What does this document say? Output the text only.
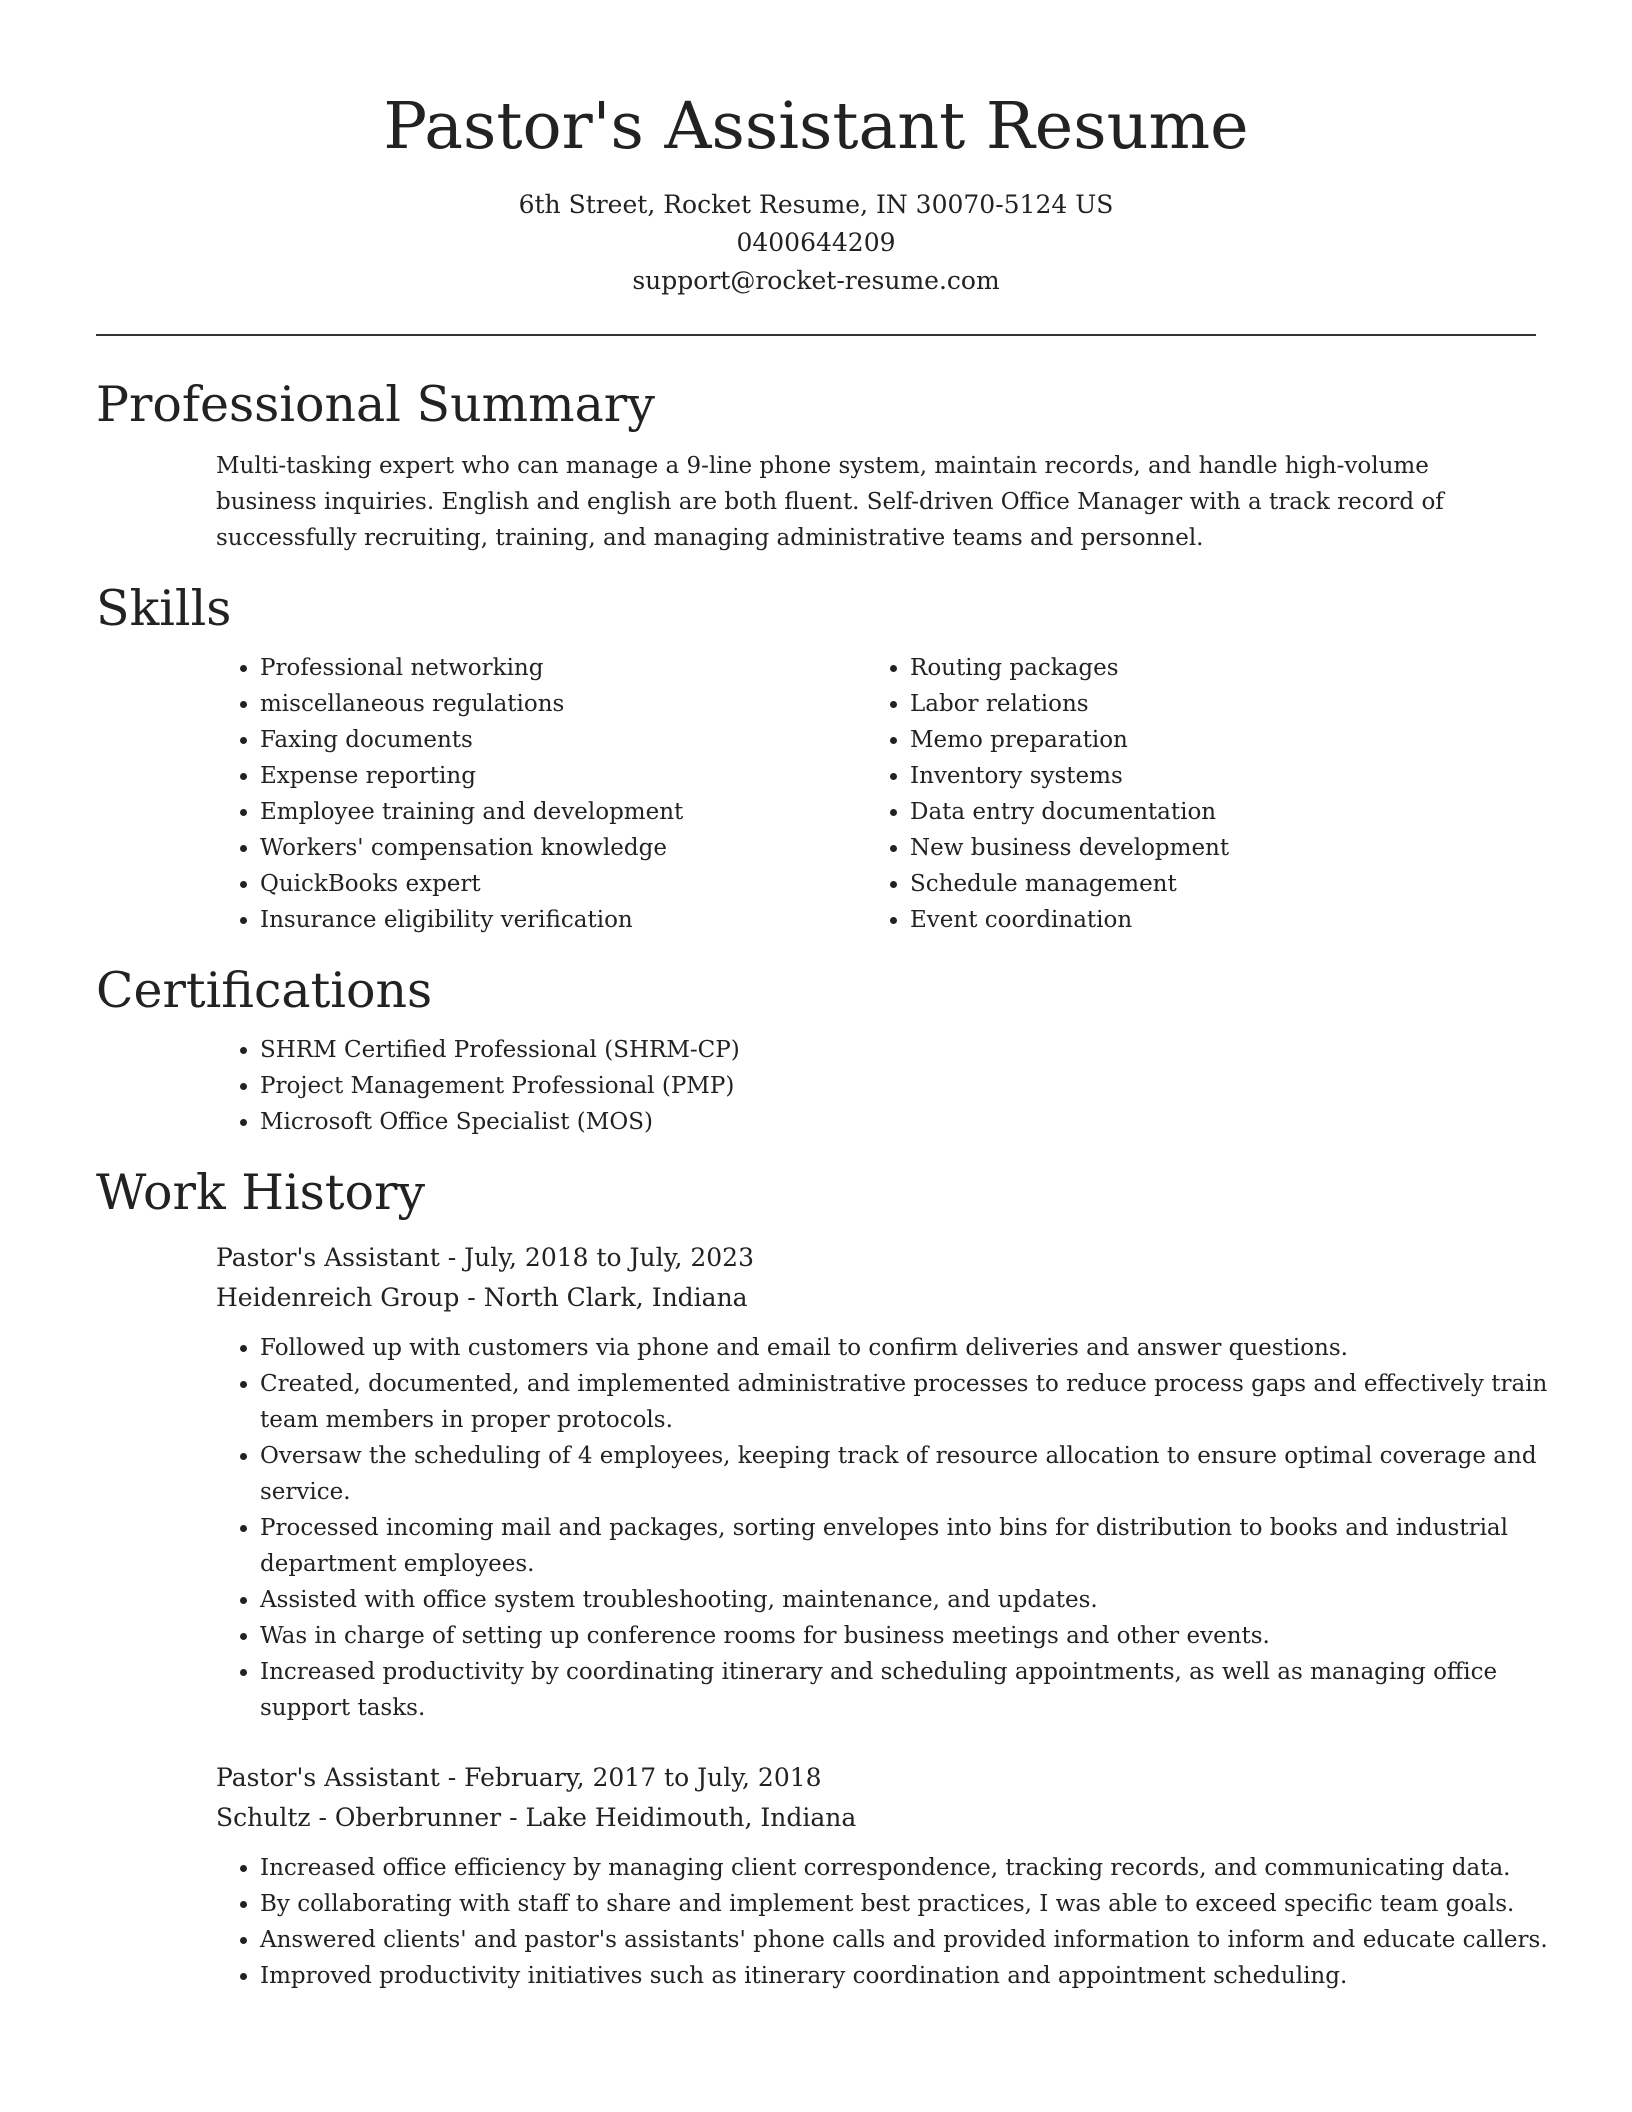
Pastor's Assistant Resume
6th Street, Rocket Resume, IN 30070-5124 US
0400644209
support@rocket-resume.com
Professional Summary

Multi-tasking expert who can manage a 9-line phone system, maintain records, and handle high-volume business inquiries. English and english are both fluent. Self-driven Office Manager with a track record of successfully recruiting, training, and managing administrative teams and personnel.

Skills
• Professional networking
• miscellaneous regulations
• Faxing documents
• Expense reporting
• Employee training and development
• Workers' compensation knowledge
• QuickBooks expert
• Insurance eligibility verification
• Routing packages
• Labor relations
• Memo preparation
• Inventory systems
• Data entry documentation
• New business development
• Schedule management
• Event coordination
Certifications
• SHRM Certified Professional (SHRM-CP)
• Project Management Professional (PMP)
• Microsoft Office Specialist (MOS)
Work History
Pastor's Assistant - July, 2018 to July, 2023
Heidenreich Group - North Clark, Indiana
• Followed up with customers via phone and email to confirm deliveries and answer questions.
• Created, documented, and implemented administrative processes to reduce process gaps and effectively train team members in proper protocols.
• Oversaw the scheduling of 4 employees, keeping track of resource allocation to ensure optimal coverage and service.
• Processed incoming mail and packages, sorting envelopes into bins for distribution to books and industrial department employees.
• Assisted with office system troubleshooting, maintenance, and updates.
• Was in charge of setting up conference rooms for business meetings and other events.
• Increased productivity by coordinating itinerary and scheduling appointments, as well as managing office support tasks.
Pastor's Assistant - February, 2017 to July, 2018
Schultz - Oberbrunner - Lake Heidimouth, Indiana
• Increased office efficiency by managing client correspondence, tracking records, and communicating data.
• By collaborating with staff to share and implement best practices, I was able to exceed specific team goals.
• Answered clients' and pastor's assistants' phone calls and provided information to inform and educate callers.
• Improved productivity initiatives such as itinerary coordination and appointment scheduling.
